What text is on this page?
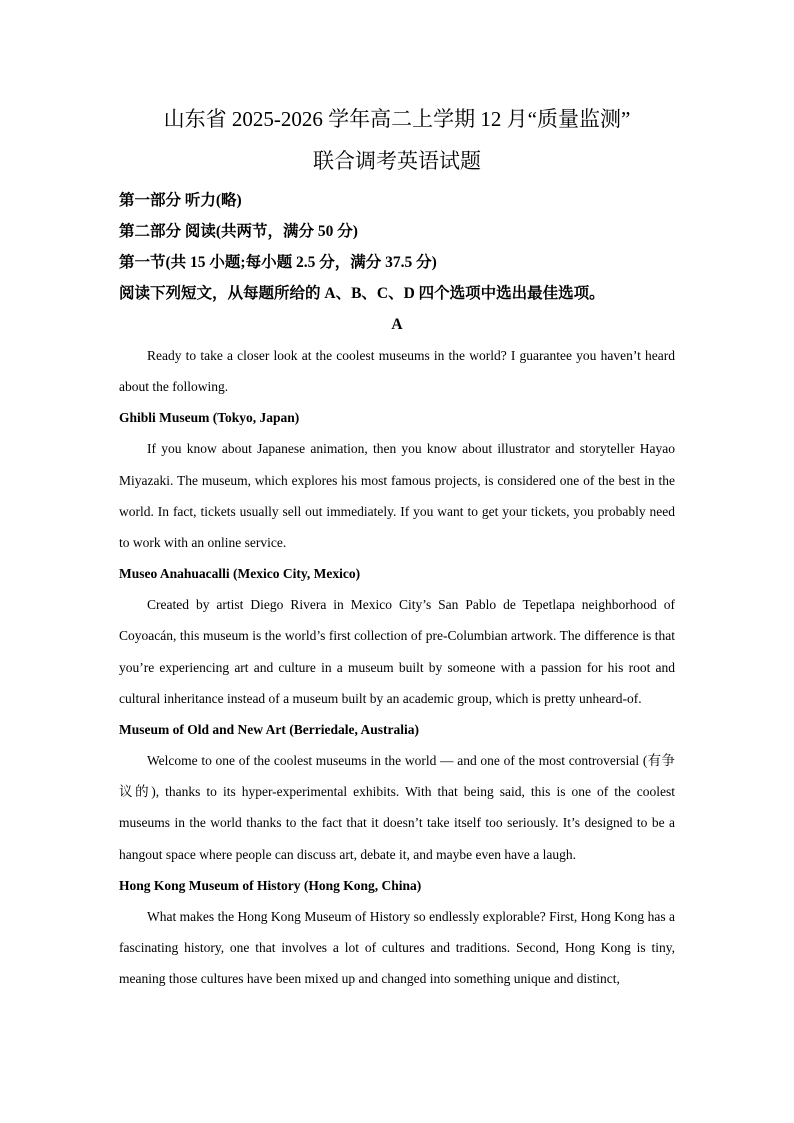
山东省 2025-2026 学年高二上学期 12 月“质量监测”
联合调考英语试题
第一部分 听力(略)
第二部分 阅读(共两节，满分 50 分)
第一节(共 15 小题;每小题 2.5 分，满分 37.5 分)
阅读下列短文，从每题所给的 A、B、C、D 四个选项中选出最佳选项。
A

Ready to take a closer look at the coolest museums in the world? I guarantee you haven’t heard about the following.

Ghibli Museum (Tokyo, Japan)

If you know about Japanese animation, then you know about illustrator and storyteller Hayao Miyazaki. The museum, which explores his most famous projects, is considered one of the best in the world. In fact, tickets usually sell out immediately. If you want to get your tickets, you probably need to work with an online service.

Museo Anahuacalli (Mexico City, Mexico)

Created by artist Diego Rivera in Mexico City’s San Pablo de Tepetlapa neighborhood of Coyoacán, this museum is the world’s first collection of pre-Columbian artwork. The difference is that you’re experiencing art and culture in a museum built by someone with a passion for his root and cultural inheritance instead of a museum built by an academic group, which is pretty unheard-of.

Museum of Old and New Art (Berriedale, Australia)

Welcome to one of the coolest museums in the world — and one of the most controversial (有争议的), thanks to its hyper-experimental exhibits. With that being said, this is one of the coolest museums in the world thanks to the fact that it doesn’t take itself too seriously. It’s designed to be a hangout space where people can discuss art, debate it, and maybe even have a laugh.

Hong Kong Museum of History (Hong Kong, China)

What makes the Hong Kong Museum of History so endlessly explorable? First, Hong Kong has a fascinating history, one that involves a lot of cultures and traditions. Second, Hong Kong is tiny, meaning those cultures have been mixed up and changed into something unique and distinct,
